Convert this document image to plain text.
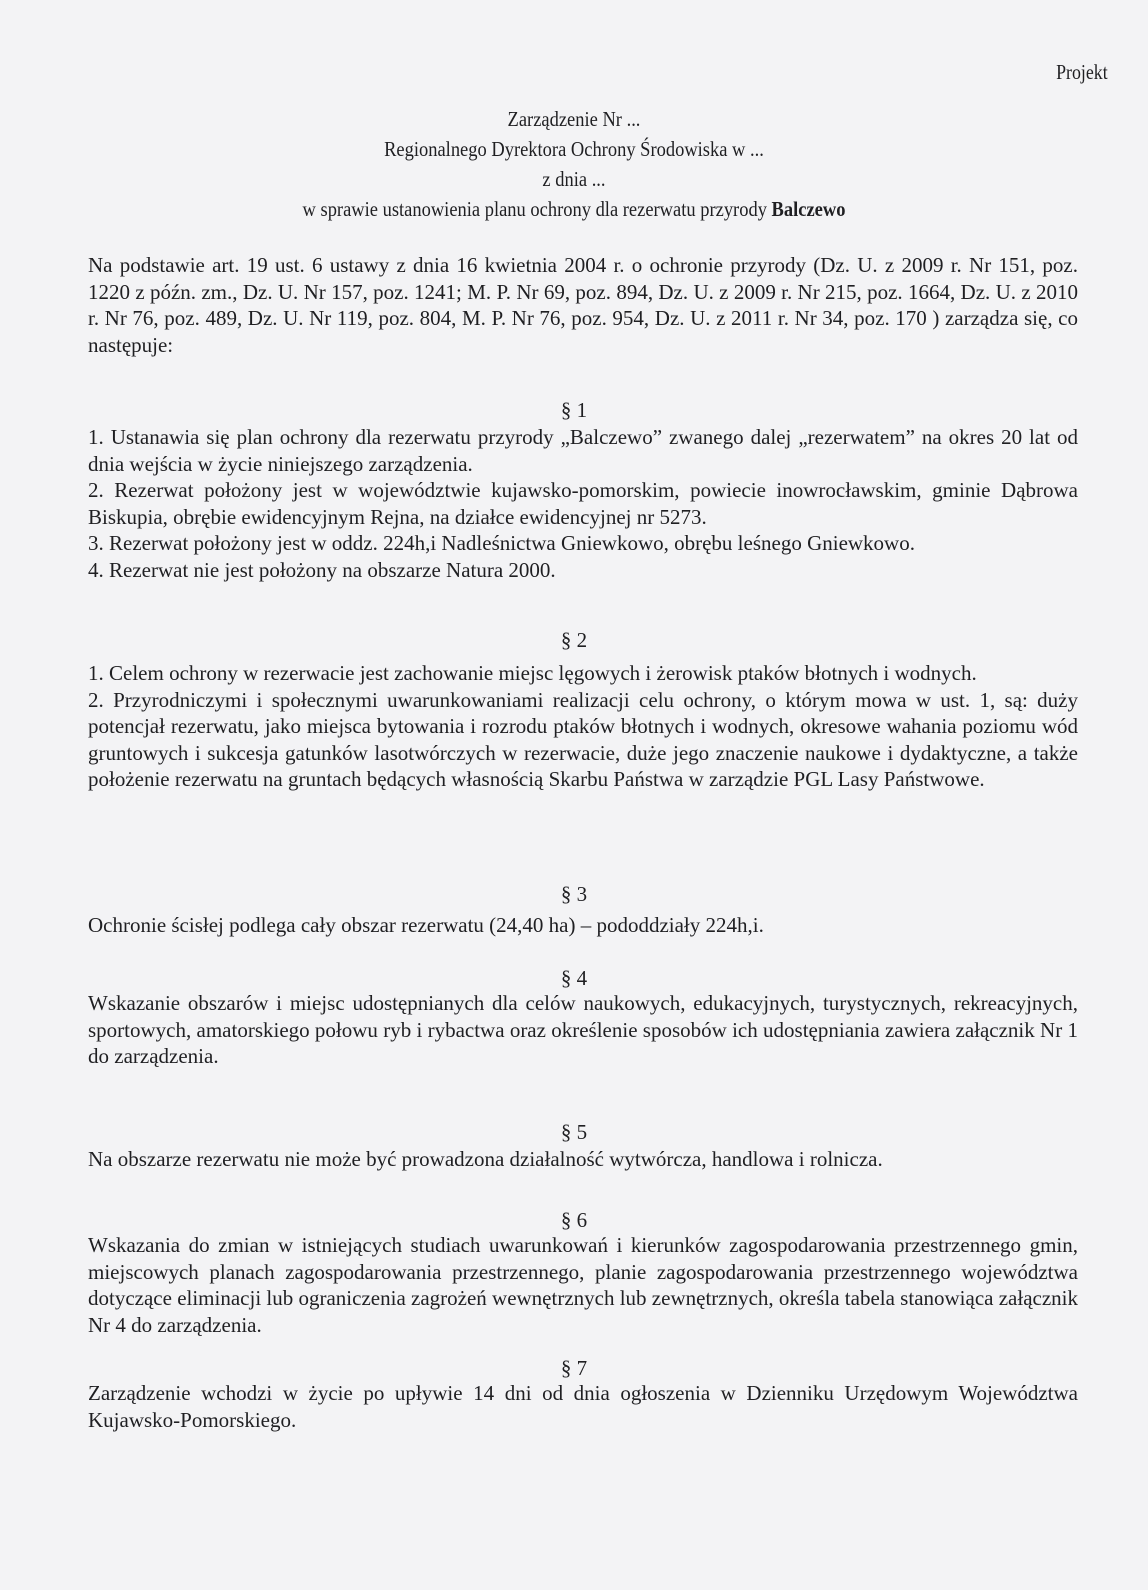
Projekt
Zarządzenie Nr ...
Regionalnego Dyrektora Ochrony Środowiska w ...
z dnia ...
w sprawie ustanowienia planu ochrony dla rezerwatu przyrody Balczewo

Na podstawie art. 19 ust. 6 ustawy z dnia 16 kwietnia 2004 r. o ochronie przyrody (Dz. U. z 2009 r. Nr 151, poz. 1220 z późn. zm., Dz. U. Nr 157, poz. 1241; M. P. Nr 69, poz. 894, Dz. U. z 2009 r. Nr 215, poz. 1664, Dz. U. z 2010 r. Nr 76, poz. 489, Dz. U. Nr 119, poz. 804, M. P. Nr 76, poz. 954, Dz. U. z 2011 r. Nr 34, poz. 170 ) zarządza się, co następuje:

§ 1

1. Ustanawia się plan ochrony dla rezerwatu przyrody „Balczewo” zwanego dalej „rezerwatem” na okres 20 lat od dnia wejścia w życie niniejszego zarządzenia.

2. Rezerwat położony jest w województwie kujawsko-pomorskim, powiecie inowrocławskim, gminie Dąbrowa Biskupia, obrębie ewidencyjnym Rejna, na działce ewidencyjnej nr 5273.

3. Rezerwat położony jest w oddz. 224h,i Nadleśnictwa Gniewkowo, obrębu leśnego Gniewkowo.

4. Rezerwat nie jest położony na obszarze Natura 2000.

§ 2

1. Celem ochrony w rezerwacie jest zachowanie miejsc lęgowych i żerowisk ptaków błotnych i wodnych.

2. Przyrodniczymi i społecznymi uwarunkowaniami realizacji celu ochrony, o którym mowa w ust. 1, są: duży potencjał rezerwatu, jako miejsca bytowania i rozrodu ptaków błotnych i wodnych, okresowe wahania poziomu wód gruntowych i sukcesja gatunków lasotwórczych w rezerwacie, duże jego znaczenie naukowe i dydaktyczne, a także położenie rezerwatu na gruntach będących własnością Skarbu Państwa w zarządzie PGL Lasy Państwowe.

§ 3

Ochronie ścisłej podlega cały obszar rezerwatu (24,40 ha) – pododdziały 224h,i.

§ 4

Wskazanie obszarów i miejsc udostępnianych dla celów naukowych, edukacyjnych, turystycznych, rekreacyjnych, sportowych, amatorskiego połowu ryb i rybactwa oraz określenie sposobów ich udostępniania zawiera załącznik Nr 1 do zarządzenia.

§ 5

Na obszarze rezerwatu nie może być prowadzona działalność wytwórcza, handlowa i rolnicza.

§ 6

Wskazania do zmian w istniejących studiach uwarunkowań i kierunków zagospodarowania przestrzennego gmin, miejscowych planach zagospodarowania przestrzennego, planie zagospodarowania przestrzennego województwa dotyczące eliminacji lub ograniczenia zagrożeń wewnętrznych lub zewnętrznych, określa tabela stanowiąca załącznik Nr 4 do zarządzenia.

§ 7

Zarządzenie wchodzi w życie po upływie 14 dni od dnia ogłoszenia w Dzienniku Urzędowym Województwa Kujawsko-Pomorskiego.
